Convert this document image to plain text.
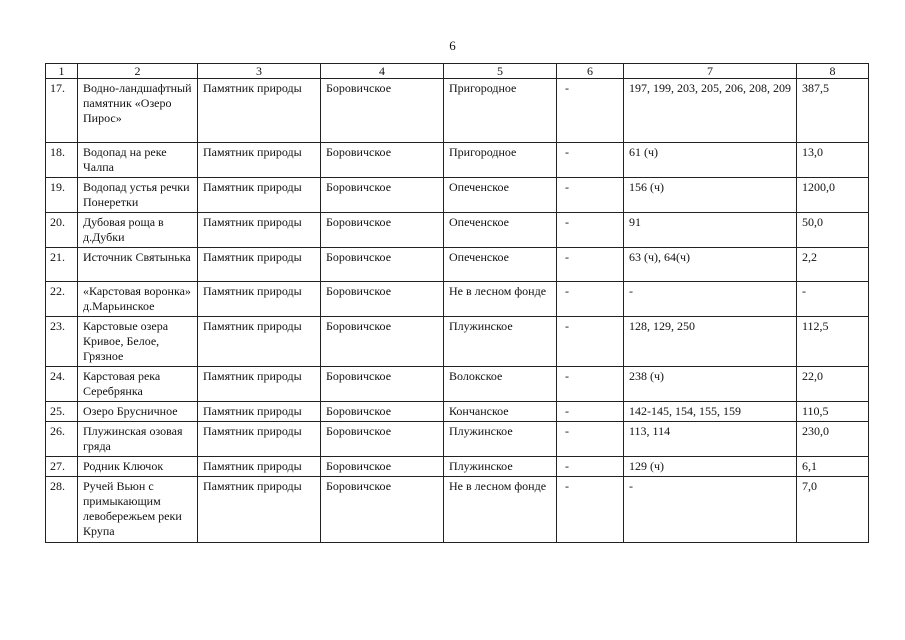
6
1	2	3	4	5	6	7	8
17.	Водно-ландшафтный памятник «Озеро Пирос»	Памятник природы	Боровичское	Пригородное	-	197, 199, 203, 205, 206, 208, 209	387,5
18.	Водопад на реке Чалпа	Памятник природы	Боровичское	Пригородное	-	61 (ч)	13,0
19.	Водопад устья речки Понеретки	Памятник природы	Боровичское	Опеченское	-	156 (ч)	1200,0
20.	Дубовая роща в д.Дубки	Памятник природы	Боровичское	Опеченское	-	91	50,0
21.	Источник Святынька	Памятник природы	Боровичское	Опеченское	-	63 (ч), 64(ч)	2,2
22.	«Карстовая воронка» д.Марьинское	Памятник природы	Боровичское	Не в лесном фонде	-	-	-
23.	Карстовые озера Кривое, Белое, Грязное	Памятник природы	Боровичское	Плужинское	-	128, 129, 250	112,5
24.	Карстовая река Серебрянка	Памятник природы	Боровичское	Волокское	-	238 (ч)	22,0
25.	Озеро Брусничное	Памятник природы	Боровичское	Кончанское	-	142-145, 154, 155, 159	110,5
26.	Плужинская озовая гряда	Памятник природы	Боровичское	Плужинское	-	113, 114	230,0
27.	Родник Ключок	Памятник природы	Боровичское	Плужинское	-	129 (ч)	6,1
28.	Ручей Вьюн с примыкающим левобережьем реки Крупа	Памятник природы	Боровичское	Не в лесном фонде	-	-	7,0
